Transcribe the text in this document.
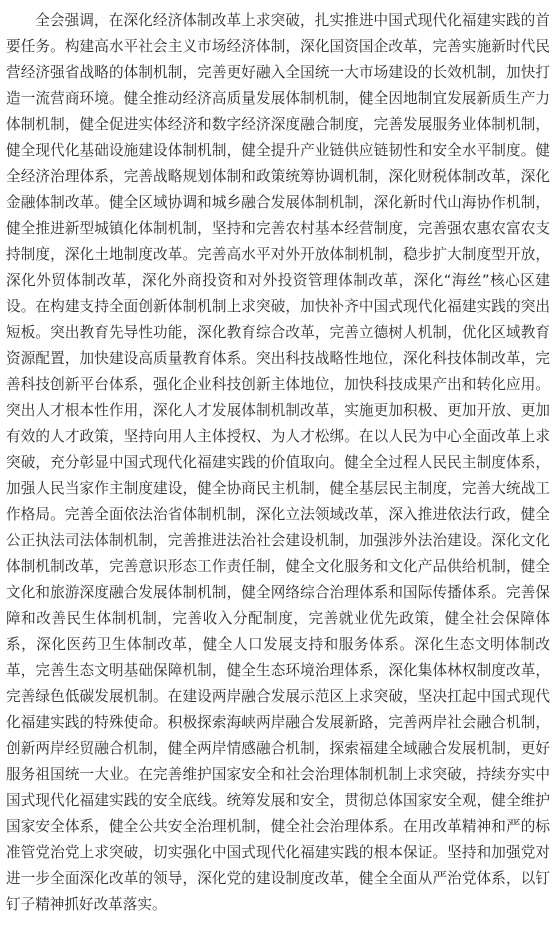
全会强调，在深化经济体制改革上求突破，扎实推进中国式现代化福建实践的首要任务。构建高水平社会主义市场经济体制，深化国资国企改革，完善实施新时代民营经济强省战略的体制机制，完善更好融入全国统一大市场建设的长效机制，加快打造一流营商环境。健全推动经济高质量发展体制机制，健全因地制宜发展新质生产力体制机制，健全促进实体经济和数字经济深度融合制度，完善发展服务业体制机制，健全现代化基础设施建设体制机制，健全提升产业链供应链韧性和安全水平制度。健全经济治理体系，完善战略规划体制和政策统筹协调机制，深化财税体制改革，深化金融体制改革。健全区域协调和城乡融合发展体制机制，深化新时代山海协作机制，健全推进新型城镇化体制机制，坚持和完善农村基本经营制度，完善强农惠农富农支持制度，深化土地制度改革。完善高水平对外开放体制机制，稳步扩大制度型开放，深化外贸体制改革，深化外商投资和对外投资管理体制改革，深化“海丝”核心区建设。在构建支持全面创新体制机制上求突破，加快补齐中国式现代化福建实践的突出短板。突出教育先导性功能，深化教育综合改革，完善立德树人机制，优化区域教育资源配置，加快建设高质量教育体系。突出科技战略性地位，深化科技体制改革，完善科技创新平台体系，强化企业科技创新主体地位，加快科技成果产出和转化应用。突出人才根本性作用，深化人才发展体制机制改革，实施更加积极、更加开放、更加有效的人才政策，坚持向用人主体授权、为人才松绑。在以人民为中心全面改革上求突破，充分彰显中国式现代化福建实践的价值取向。健全全过程人民民主制度体系，加强人民当家作主制度建设，健全协商民主机制，健全基层民主制度，完善大统战工作格局。完善全面依法治省体制机制，深化立法领域改革，深入推进依法行政，健全公正执法司法体制机制，完善推进法治社会建设机制，加强涉外法治建设。深化文化体制机制改革，完善意识形态工作责任制，健全文化服务和文化产品供给机制，健全文化和旅游深度融合发展体制机制，健全网络综合治理体系和国际传播体系。完善保障和改善民生体制机制，完善收入分配制度，完善就业优先政策，健全社会保障体系，深化医药卫生体制改革，健全人口发展支持和服务体系。深化生态文明体制改革，完善生态文明基础保障机制，健全生态环境治理体系，深化集体林权制度改革，完善绿色低碳发展机制。在建设两岸融合发展示范区上求突破，坚决扛起中国式现代化福建实践的特殊使命。积极探索海峡两岸融合发展新路，完善两岸社会融合机制，创新两岸经贸融合机制，健全两岸情感融合机制，探索福建全域融合发展机制，更好服务祖国统一大业。在完善维护国家安全和社会治理体制机制上求突破，持续夯实中国式现代化福建实践的安全底线。统筹发展和安全，贯彻总体国家安全观，健全维护国家安全体系，健全公共安全治理机制，健全社会治理体系。在用改革精神和严的标准管党治党上求突破，切实强化中国式现代化福建实践的根本保证。坚持和加强党对进一步全面深化改革的领导，深化党的建设制度改革，健全全面从严治党体系，以钉钉子精神抓好改革落实。
